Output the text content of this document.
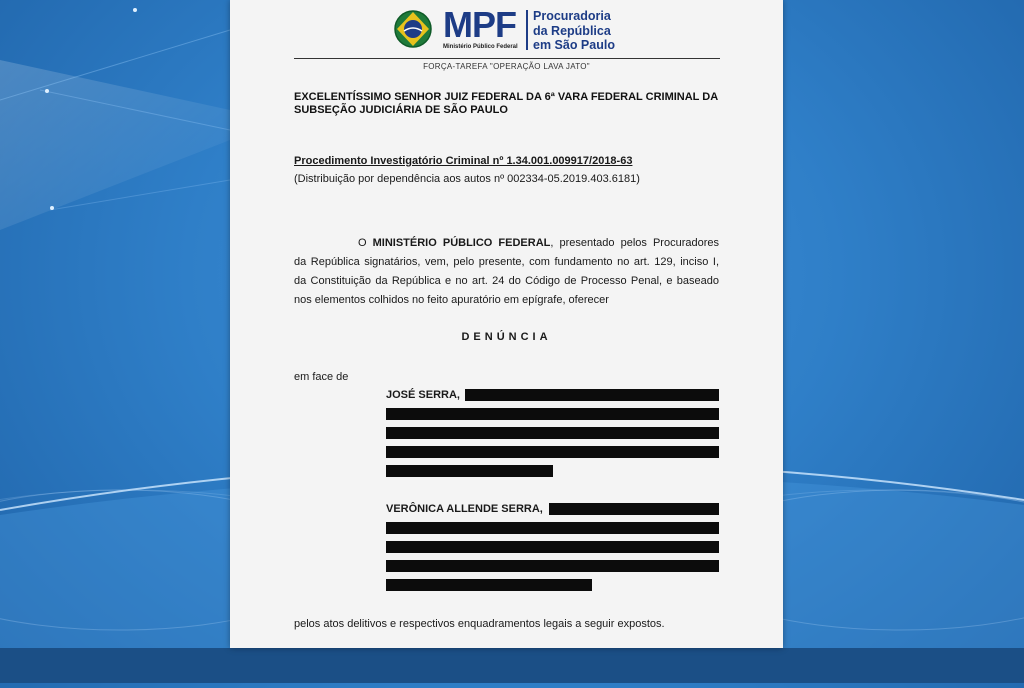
MPF
Ministério Público Federal
Procuradoria
da República
em São Paulo
FORÇA-TAREFA "OPERAÇÃO LAVA JATO"
EXCELENTÍSSIMO SENHOR JUIZ FEDERAL DA 6ª VARA FEDERAL CRIMINAL DA SUBSEÇÃO JUDICIÁRIA DE SÃO PAULO
Procedimento Investigatório Criminal nº 1.34.001.009917/2018-63
(Distribuição por dependência aos autos nº 002334-05.2019.403.6181)
O MINISTÉRIO PÚBLICO FEDERAL, presentado pelos Procuradores
da República signatários, vem, pelo presente, com fundamento no art. 129, inciso I,
da Constituição da República e no art. 24 do Código de Processo Penal, e baseado
nos elementos colhidos no feito apuratório em epígrafe, oferecer
DENÚNCIA
em face de
JOSÉ SERRA,
VERÔNICA ALLENDE SERRA,
pelos atos delitivos e respectivos enquadramentos legais a seguir expostos.
